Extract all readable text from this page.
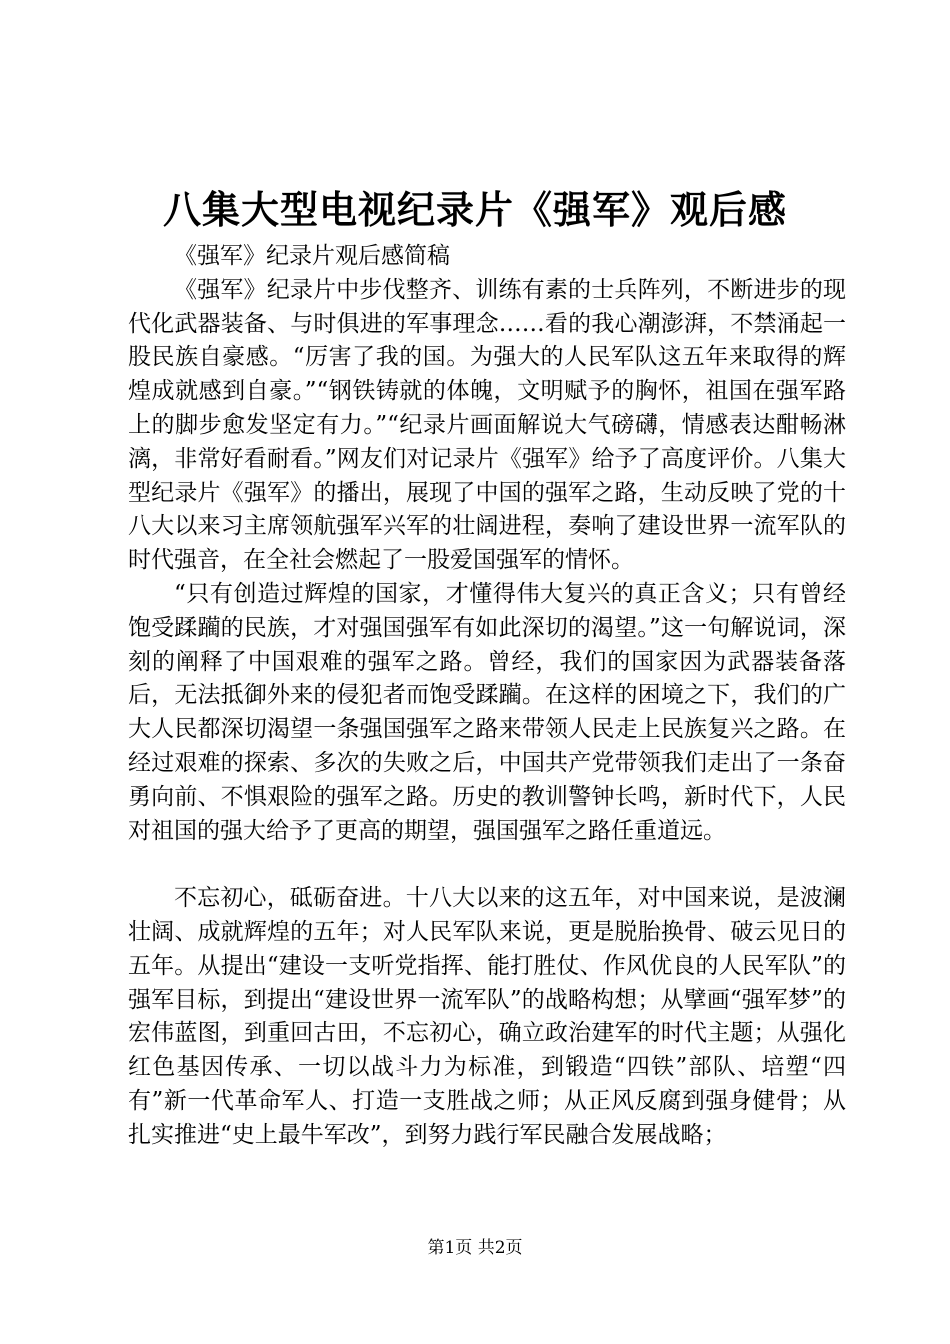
八集大型电视纪录片《强军》观后感

《强军》纪录片观后感简稿

《强军》纪录片中步伐整齐、训练有素的士兵阵列，不断进步的现代化武器装备、与时俱进的军事理念……看的我心潮澎湃，不禁涌起一股民族自豪感。“厉害了我的国。为强大的人民军队这五年来取得的辉煌成就感到自豪。”“钢铁铸就的体魄，文明赋予的胸怀，祖国在强军路上的脚步愈发坚定有力。”“纪录片画面解说大气磅礴，情感表达酣畅淋漓，非常好看耐看。”网友们对记录片《强军》给予了高度评价。八集大型纪录片《强军》的播出，展现了中国的强军之路，生动反映了党的十八大以来习主席领航强军兴军的壮阔进程，奏响了建设世界一流军队的时代强音，在全社会燃起了一股爱国强军的情怀。

“只有创造过辉煌的国家，才懂得伟大复兴的真正含义；只有曾经饱受蹂躏的民族，才对强国强军有如此深切的渴望。”这一句解说词，深刻的阐释了中国艰难的强军之路。曾经，我们的国家因为武器装备落后，无法抵御外来的侵犯者而饱受蹂躏。在这样的困境之下，我们的广大人民都深切渴望一条强国强军之路来带领人民走上民族复兴之路。在经过艰难的探索、多次的失败之后，中国共产党带领我们走出了一条奋勇向前、不惧艰险的强军之路。历史的教训警钟长鸣，新时代下，人民对祖国的强大给予了更高的期望，强国强军之路任重道远。

不忘初心，砥砺奋进。十八大以来的这五年，对中国来说，是波澜壮阔、成就辉煌的五年；对人民军队来说，更是脱胎换骨、破云见日的五年。从提出“建设一支听党指挥、能打胜仗、作风优良的人民军队”的强军目标，到提出“建设世界一流军队”的战略构想；从擘画“强军梦”的宏伟蓝图，到重回古田，不忘初心，确立政治建军的时代主题；从强化红色基因传承、一切以战斗力为标准，到锻造“四铁”部队、培塑“四有”新一代革命军人、打造一支胜战之师；从正风反腐到强身健骨；从扎实推进“史上最牛军改”，到努力践行军民融合发展战略；

第1页 共2页
